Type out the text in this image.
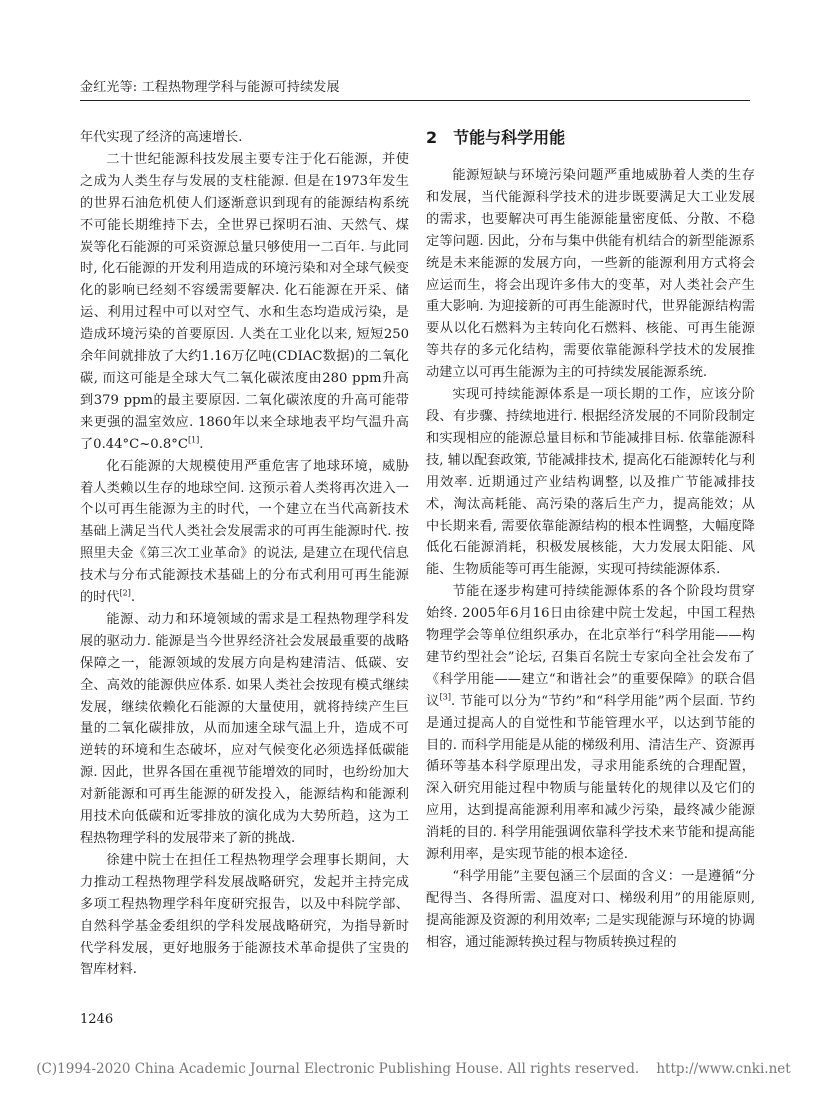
金红光等: 工程热物理学科与能源可持续发展

年代实现了经济的高速增长.

二十世纪能源科技发展主要专注于化石能源，并使之成为人类生存与发展的支柱能源. 但是在1973年发生的世界石油危机使人们逐渐意识到现有的能源结构系统不可能长期维持下去，全世界已探明石油、天然气、煤炭等化石能源的可采资源总量只够使用一二百年. 与此同时, 化石能源的开发利用造成的环境污染和对全球气候变化的影响已经刻不容缓需要解决. 化石能源在开采、储运、利用过程中可以对空气、水和生态均造成污染，是造成环境污染的首要原因. 人类在工业化以来, 短短250余年间就排放了大约1.16万亿吨(CDIAC数据)的二氧化碳, 而这可能是全球大气二氧化碳浓度由280 ppm升高到379 ppm的最主要原因. 二氧化碳浓度的升高可能带来更强的温室效应. 1860年以来全球地表平均气温升高了0.44°C~0.8°C[1].

化石能源的大规模使用严重危害了地球环境，威胁着人类赖以生存的地球空间. 这预示着人类将再次进入一个以可再生能源为主的时代，一个建立在当代高新技术基础上满足当代人类社会发展需求的可再生能源时代. 按照里夫金《第三次工业革命》的说法, 是建立在现代信息技术与分布式能源技术基础上的分布式利用可再生能源的时代[2].

能源、动力和环境领域的需求是工程热物理学科发展的驱动力. 能源是当今世界经济社会发展最重要的战略保障之一，能源领域的发展方向是构建清洁、低碳、安全、高效的能源供应体系. 如果人类社会按现有模式继续发展，继续依赖化石能源的大量使用，就将持续产生巨量的二氧化碳排放，从而加速全球气温上升，造成不可逆转的环境和生态破坏，应对气候变化必须选择低碳能源. 因此，世界各国在重视节能增效的同时，也纷纷加大对新能源和可再生能源的研发投入，能源结构和能源利用技术向低碳和近零排放的演化成为大势所趋，这为工程热物理学科的发展带来了新的挑战.

徐建中院士在担任工程热物理学会理事长期间，大力推动工程热物理学科发展战略研究，发起并主持完成多项工程热物理学科年度研究报告，以及中科院学部、自然科学基金委组织的学科发展战略研究，为指导新时代学科发展，更好地服务于能源技术革命提供了宝贵的智库材料.

2 节能与科学用能

能源短缺与环境污染问题严重地威胁着人类的生存和发展，当代能源科学技术的进步既要满足大工业发展的需求，也要解决可再生能源能量密度低、分散、不稳定等问题. 因此，分布与集中供能有机结合的新型能源系统是未来能源的发展方向，一些新的能源利用方式将会应运而生，将会出现许多伟大的变革，对人类社会产生重大影响. 为迎接新的可再生能源时代，世界能源结构需要从以化石燃料为主转向化石燃料、核能、可再生能源等共存的多元化结构，需要依靠能源科学技术的发展推动建立以可再生能源为主的可持续发展能源系统.

实现可持续能源体系是一项长期的工作，应该分阶段、有步骤、持续地进行. 根据经济发展的不同阶段制定和实现相应的能源总量目标和节能减排目标. 依靠能源科技, 辅以配套政策, 节能减排技术, 提高化石能源转化与利用效率. 近期通过产业结构调整, 以及推广节能减排技术，淘汰高耗能、高污染的落后生产力，提高能效；从中长期来看, 需要依靠能源结构的根本性调整，大幅度降低化石能源消耗，积极发展核能，大力发展太阳能、风能、生物质能等可再生能源，实现可持续能源体系.

节能在逐步构建可持续能源体系的各个阶段均贯穿始终. 2005年6月16日由徐建中院士发起，中国工程热物理学会等单位组织承办，在北京举行“科学用能——构建节约型社会”论坛, 召集百名院士专家向全社会发布了《科学用能——建立“和谐社会”的重要保障》的联合倡议[3]. 节能可以分为“节约”和“科学用能”两个层面. 节约是通过提高人的自觉性和节能管理水平，以达到节能的目的. 而科学用能是从能的梯级利用、清洁生产、资源再循环等基本科学原理出发，寻求用能系统的合理配置，深入研究用能过程中物质与能量转化的规律以及它们的应用，达到提高能源利用率和减少污染，最终减少能源消耗的目的. 科学用能强调依靠科学技术来节能和提高能源利用率，是实现节能的根本途径.

“科学用能”主要包涵三个层面的含义：一是遵循“分配得当、各得所需、温度对口、梯级利用”的用能原则, 提高能源及资源的利用效率; 二是实现能源与环境的协调相容，通过能源转换过程与物质转换过程的

1246
(C)1994-2020 China Academic Journal Electronic Publishing House. All rights reserved. http://www.cnki.net
